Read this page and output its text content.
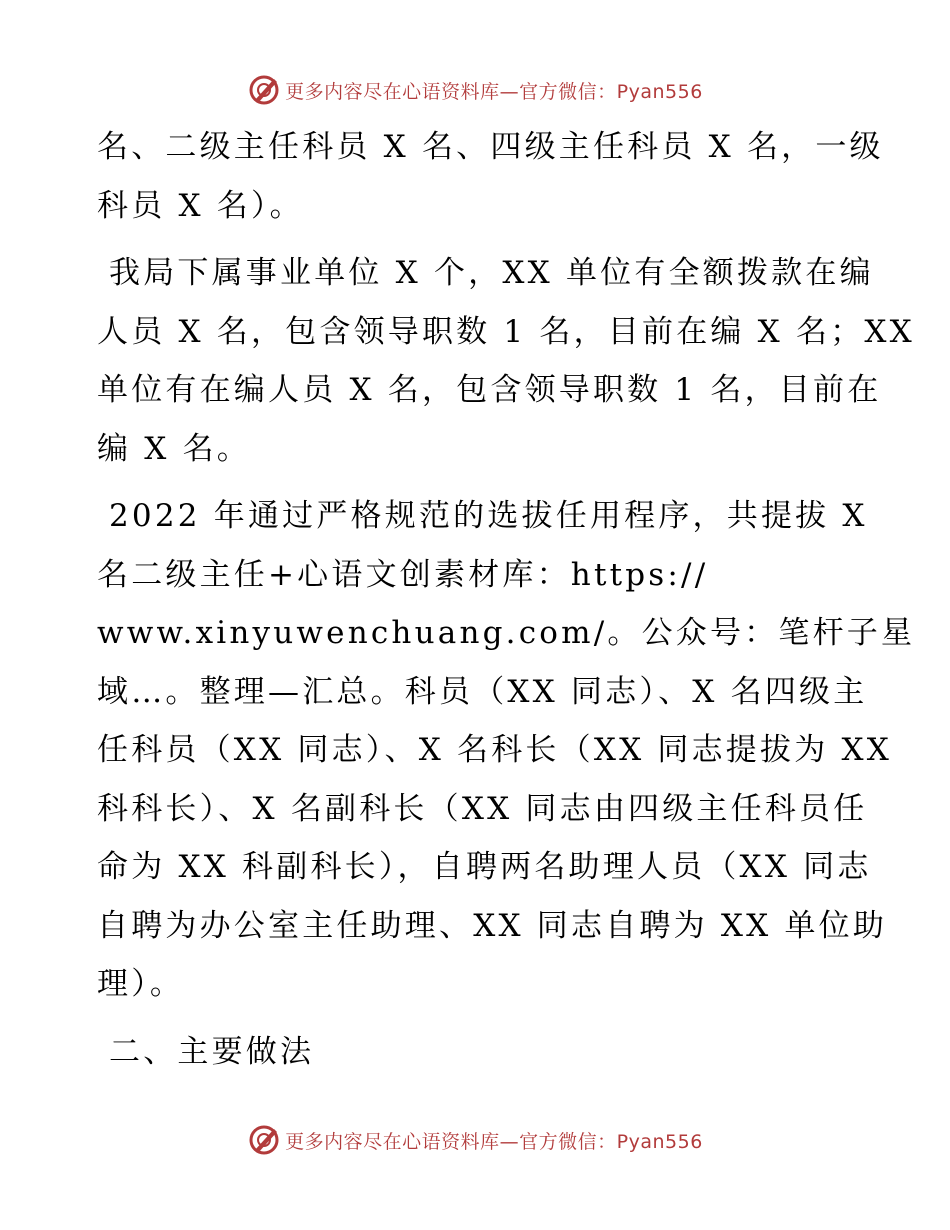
更多内容尽在心语资料库—官方微信：Pyan556
名、二级主任科员 X 名、四级主任科员 X 名，一级
科员 X 名）。
我局下属事业单位 X 个，XX 单位有全额拨款在编
人员 X 名，包含领导职数 1 名，目前在编 X 名；XX
单位有在编人员 X 名，包含领导职数 1 名，目前在
编 X 名。
2022 年通过严格规范的选拔任用程序，共提拔 X
名二级主任+心语文创素材库：https://
www.xinyuwenchuang.com/。公众号：笔杆子星
域…。整理—汇总。科员（XX 同志）、X 名四级主
任科员（XX 同志）、X 名科长（XX 同志提拔为 XX
科科长）、X 名副科长（XX 同志由四级主任科员任
命为 XX 科副科长），自聘两名助理人员（XX 同志
自聘为办公室主任助理、XX 同志自聘为 XX 单位助
理）。
二、主要做法
更多内容尽在心语资料库—官方微信：Pyan556
